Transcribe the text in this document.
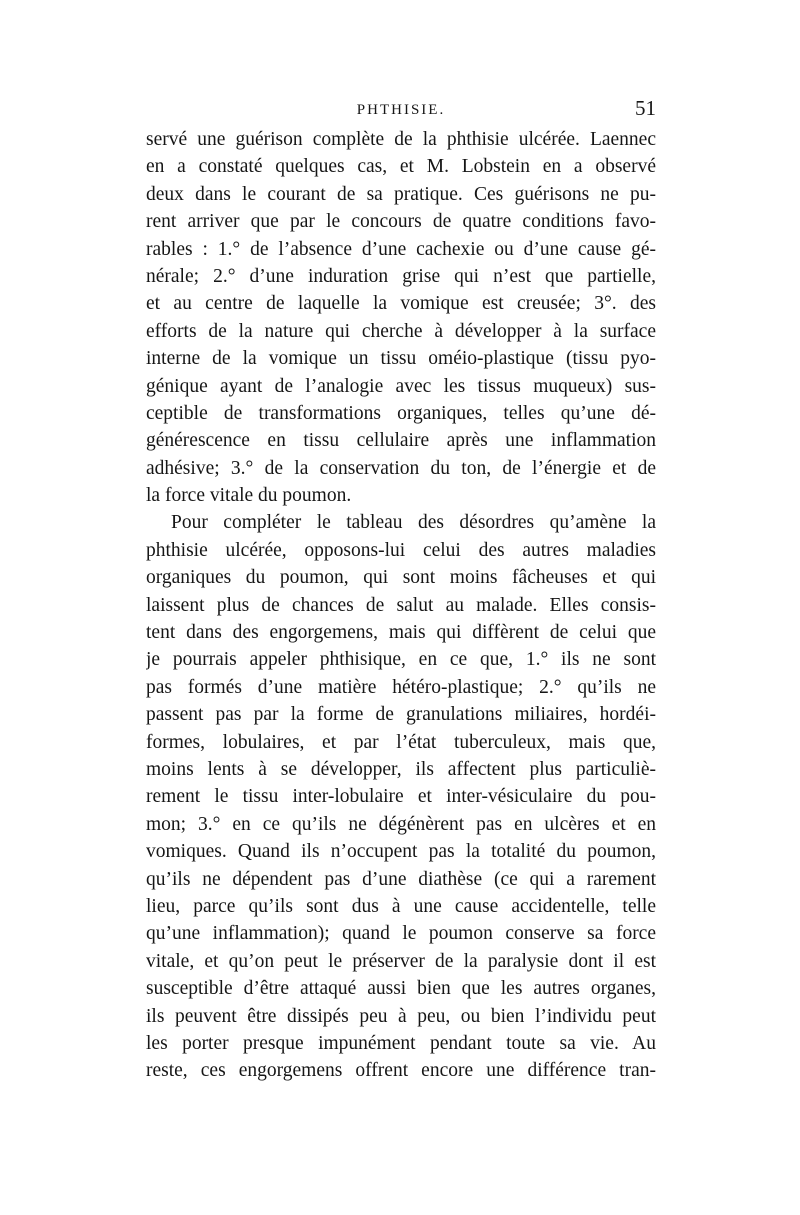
PHTHISIE.	51
servé une guérison complète de la phthisie ulcérée. Laennec
en a constaté quelques cas, et M. Lobstein en a observé
deux dans le courant de sa pratique. Ces guérisons ne pu-
rent arriver que par le concours de quatre conditions favo-
rables : 1.° de l’absence d’une cachexie ou d’une cause gé-
nérale; 2.° d’une induration grise qui n’est que partielle,
et au centre de laquelle la vomique est creusée; 3°. des
efforts de la nature qui cherche à développer à la surface
interne de la vomique un tissu oméio-plastique (tissu pyo-
génique ayant de l’analogie avec les tissus muqueux) sus-
ceptible de transformations organiques, telles qu’une dé-
générescence en tissu cellulaire après une inflammation
adhésive; 3.° de la conservation du ton, de l’énergie et de
la force vitale du poumon.
Pour compléter le tableau des désordres qu’amène la
phthisie ulcérée, opposons-lui celui des autres maladies
organiques du poumon, qui sont moins fâcheuses et qui
laissent plus de chances de salut au malade. Elles consis-
tent dans des engorgemens, mais qui diffèrent de celui que
je pourrais appeler phthisique, en ce que, 1.° ils ne sont
pas formés d’une matière hétéro-plastique; 2.° qu’ils ne
passent pas par la forme de granulations miliaires, hordéi-
formes, lobulaires, et par l’état tuberculeux, mais que,
moins lents à se développer, ils affectent plus particuliè-
rement le tissu inter-lobulaire et inter-vésiculaire du pou-
mon; 3.° en ce qu’ils ne dégénèrent pas en ulcères et en
vomiques. Quand ils n’occupent pas la totalité du poumon,
qu’ils ne dépendent pas d’une diathèse (ce qui a rarement
lieu, parce qu’ils sont dus à une cause accidentelle, telle
qu’une inflammation); quand le poumon conserve sa force
vitale, et qu’on peut le préserver de la paralysie dont il est
susceptible d’être attaqué aussi bien que les autres organes,
ils peuvent être dissipés peu à peu, ou bien l’individu peut
les porter presque impunément pendant toute sa vie. Au
reste, ces engorgemens offrent encore une différence tran-
